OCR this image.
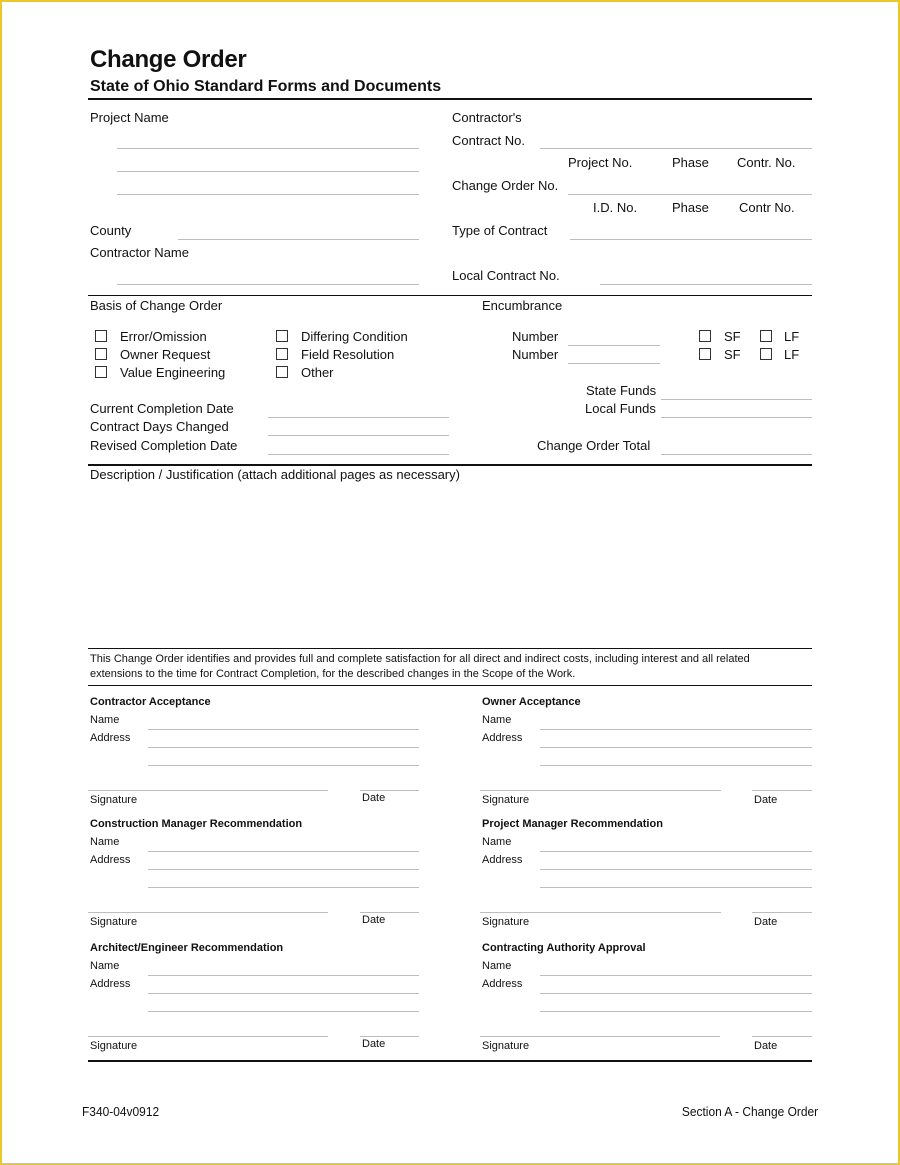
Change Order
State of Ohio Standard Forms and Documents
Project Name	Contractor's
Contract No.
Project No.	Phase Contr. No.
Change Order No.
I.D. No.	Phase Contr No.
County	Type of Contract
Contractor Name
Local Contract No.
Basis of Change Order
Error/Omission
Owner Request
Value Engineering
Differing Condition
Field Resolution
Other
Encumbrance
Number	SF	LF
Number	SF	LF
State Funds
Local Funds
Change Order Total
Current Completion Date
Contract Days Changed
Revised Completion Date
Description / Justification (attach additional pages as necessary)
This Change Order identifies and provides full and complete satisfaction for all direct and indirect costs, including interest and all related
extensions to the time for Contract Completion, for the described changes in the Scope of the Work.
Contractor Acceptance
Name
Address
Signature	Date
Owner Acceptance
Name
Address
Signature	Date
Construction Manager Recommendation
Name
Address
Signature	Date
Project Manager Recommendation
Name
Address
Signature	Date
Architect/Engineer Recommendation
Name
Address
Signature	Date
Contracting Authority Approval
Name
Address
Signature	Date
F340-04v0912	Section A - Change Order
